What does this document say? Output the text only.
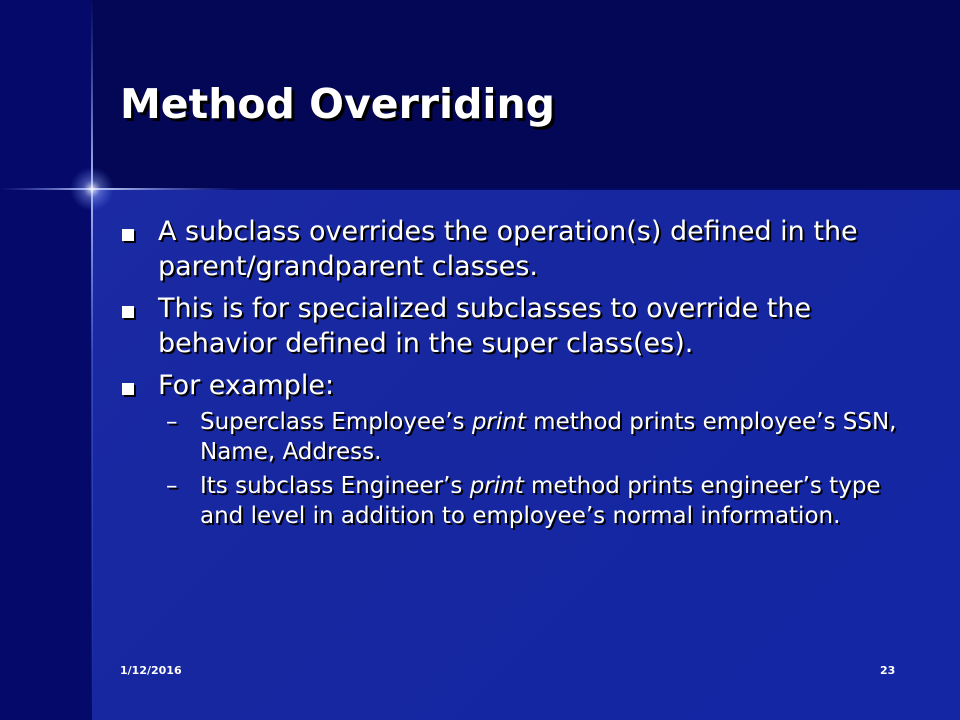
Method Overriding
A subclass overrides the operation(s) defined in the parent/grandparent classes.
This is for specialized subclasses to override the behavior defined in the super class(es).
For example:
– Superclass Employee’s print method prints employee’s SSN, Name, Address.
– Its subclass Engineer’s print method prints engineer’s type and level in addition to employee’s normal information.
1/12/2016	23
